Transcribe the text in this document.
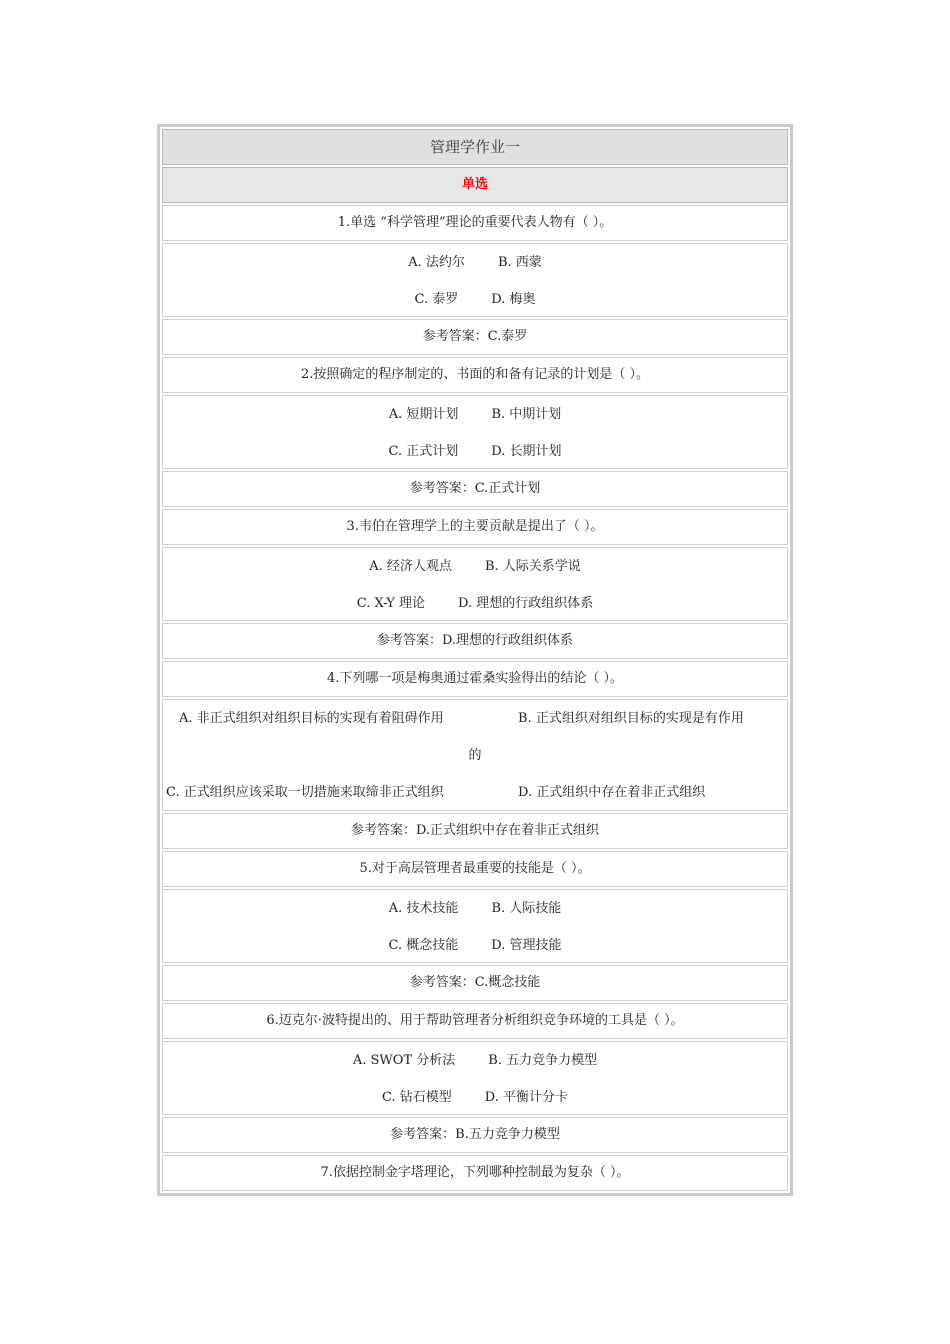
管理学作业一
单选
1.单选 “科学管理”理论的重要代表人物有（ ）。
A. 法约尔        B. 西蒙
C. 泰罗        D. 梅奥
参考答案：C.泰罗
2.按照确定的程序制定的、书面的和备有记录的计划是（ ）。
A. 短期计划        B. 中期计划
C. 正式计划        D. 长期计划
参考答案：C.正式计划
3.韦伯在管理学上的主要贡献是提出了（ ）。
A. 经济人观点        B. 人际关系学说
C. X-Y 理论        D. 理想的行政组织体系
参考答案：D.理想的行政组织体系
4.下列哪一项是梅奥通过霍桑实验得出的结论（ ）。
A. 非正式组织对组织目标的实现有着阻碍作用	B. 正式组织对组织目标的实现是有作用
的
C. 正式组织应该采取一切措施来取缔非正式组织	D. 正式组织中存在着非正式组织
参考答案：D.正式组织中存在着非正式组织
5.对于高层管理者最重要的技能是（ ）。
A. 技术技能        B. 人际技能
C. 概念技能        D. 管理技能
参考答案：C.概念技能
6.迈克尔·波特提出的、用于帮助管理者分析组织竞争环境的工具是（ ）。
A. SWOT 分析法        B. 五力竞争力模型
C. 钻石模型        D. 平衡计分卡
参考答案：B.五力竞争力模型
7.依据控制金字塔理论，下列哪种控制最为复杂（ ）。
